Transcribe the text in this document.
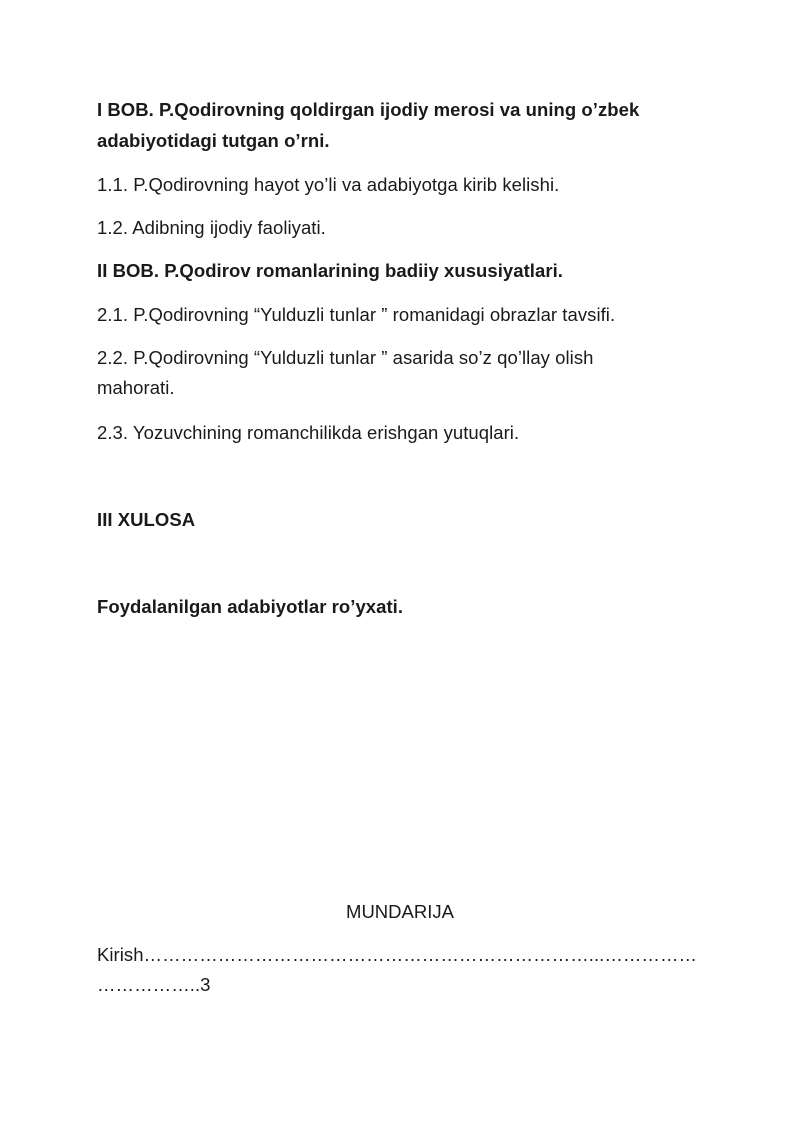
I BOB. P.Qodirovning qoldirgan ijodiy merosi va uning o’zbek
adabiyotidagi tutgan o’rni.
1.1. P.Qodirovning hayot yo’li va adabiyotga kirib kelishi.
1.2. Adibning ijodiy faoliyati.
II BOB. P.Qodirov romanlarining badiiy xususiyatlari.
2.1. P.Qodirovning “Yulduzli tunlar ” romanidagi obrazlar tavsifi.
2.2. P.Qodirovning “Yulduzli tunlar ” asarida so’z qo’llay olish
mahorati.
2.3. Yozuvchining romanchilikda erishgan yutuqlari.
III XULOSA
Foydalanilgan adabiyotlar ro’yxati.
MUNDARIJA
Kirish………………………………………………………………...……………
……………..3
